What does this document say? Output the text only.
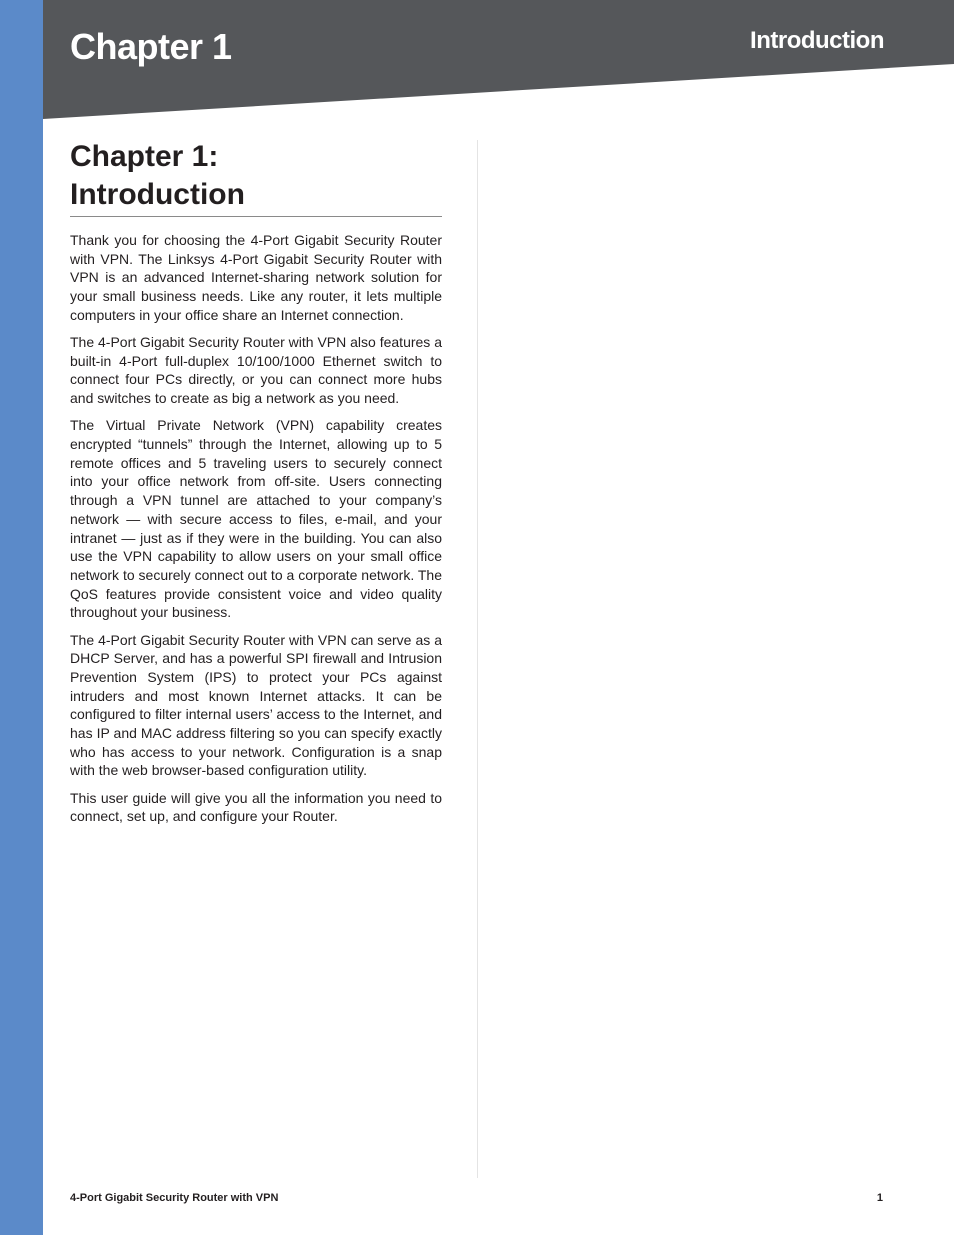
Chapter 1	Introduction
Chapter 1:
Introduction

Thank you for choosing the 4-Port Gigabit Security Router with VPN. The Linksys 4-Port Gigabit Security Router with VPN is an advanced Internet-sharing network solution for your small business needs. Like any router, it lets multiple computers in your office share an Internet connection.

The 4-Port Gigabit Security Router with VPN also features a built-in 4-Port full-duplex 10/100/1000 Ethernet switch to connect four PCs directly, or you can connect more hubs and switches to create as big a network as you need.

The Virtual Private Network (VPN) capability creates encrypted “tunnels” through the Internet, allowing up to 5 remote offices and 5 traveling users to securely connect into your office network from off-site. Users connecting through a VPN tunnel are attached to your company’s network — with secure access to files, e-mail, and your intranet — just as if they were in the building. You can also use the VPN capability to allow users on your small office network to securely connect out to a corporate network. The QoS features provide consistent voice and video quality throughout your business.

The 4-Port Gigabit Security Router with VPN can serve as a DHCP Server, and has a powerful SPI firewall and Intrusion Prevention System (IPS) to protect your PCs against intruders and most known Internet attacks. It can be configured to filter internal users’ access to the Internet, and has IP and MAC address filtering so you can specify exactly who has access to your network. Configuration is a snap with the web browser-based configuration utility.

This user guide will give you all the information you need to connect, set up, and configure your Router.

4-Port Gigabit Security Router with VPN	1
